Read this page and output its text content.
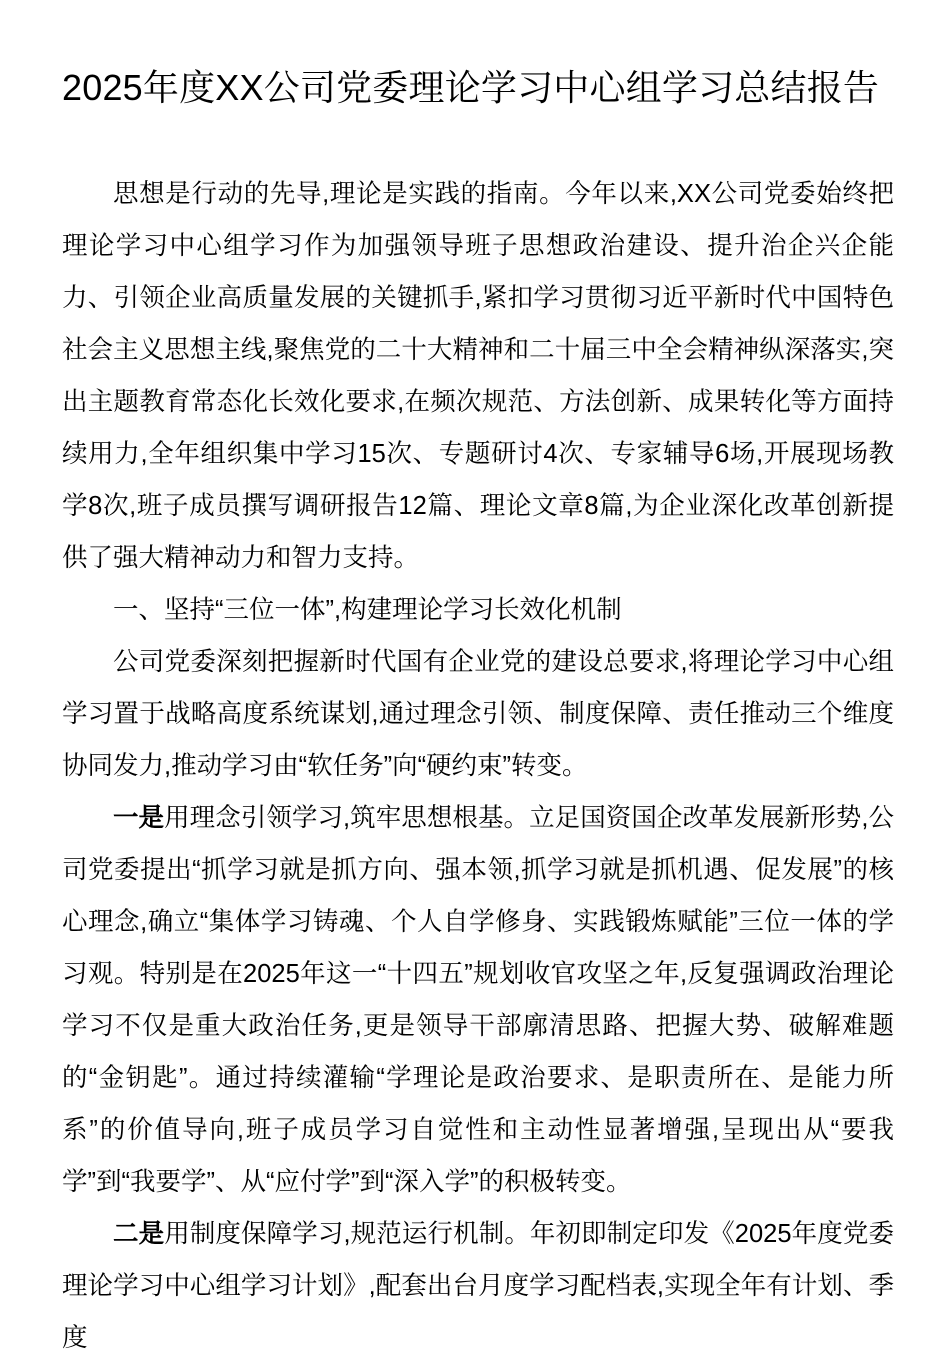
2025年度XX公司党委理论学习中心组学习总结报告

思想是行动的先导,理论是实践的指南。今年以来,XX公司党委始终把理论学习中心组学习作为加强领导班子思想政治建设、提升治企兴企能力、引领企业高质量发展的关键抓手,紧扣学习贯彻习近平新时代中国特色社会主义思想主线,聚焦党的二十大精神和二十届三中全会精神纵深落实,突出主题教育常态化长效化要求,在频次规范、方法创新、成果转化等方面持续用力,全年组织集中学习15次、专题研讨4次、专家辅导6场,开展现场教学8次,班子成员撰写调研报告12篇、理论文章8篇,为企业深化改革创新提供了强大精神动力和智力支持。

一、坚持“三位一体”,构建理论学习长效化机制

公司党委深刻把握新时代国有企业党的建设总要求,将理论学习中心组学习置于战略高度系统谋划,通过理念引领、制度保障、责任推动三个维度协同发力,推动学习由“软任务”向“硬约束”转变。

一是用理念引领学习,筑牢思想根基。立足国资国企改革发展新形势,公司党委提出“抓学习就是抓方向、强本领,抓学习就是抓机遇、促发展”的核心理念,确立“集体学习铸魂、个人自学修身、实践锻炼赋能”三位一体的学习观。特别是在2025年这一“十四五”规划收官攻坚之年,反复强调政治理论学习不仅是重大政治任务,更是领导干部廓清思路、把握大势、破解难题的“金钥匙”。通过持续灌输“学理论是政治要求、是职责所在、是能力所系”的价值导向,班子成员学习自觉性和主动性显著增强,呈现出从“要我学”到“我要学”、从“应付学”到“深入学”的积极转变。

二是用制度保障学习,规范运行机制。年初即制定印发《2025年度党委理论学习中心组学习计划》,配套出台月度学习配档表,实现全年有计划、季度
